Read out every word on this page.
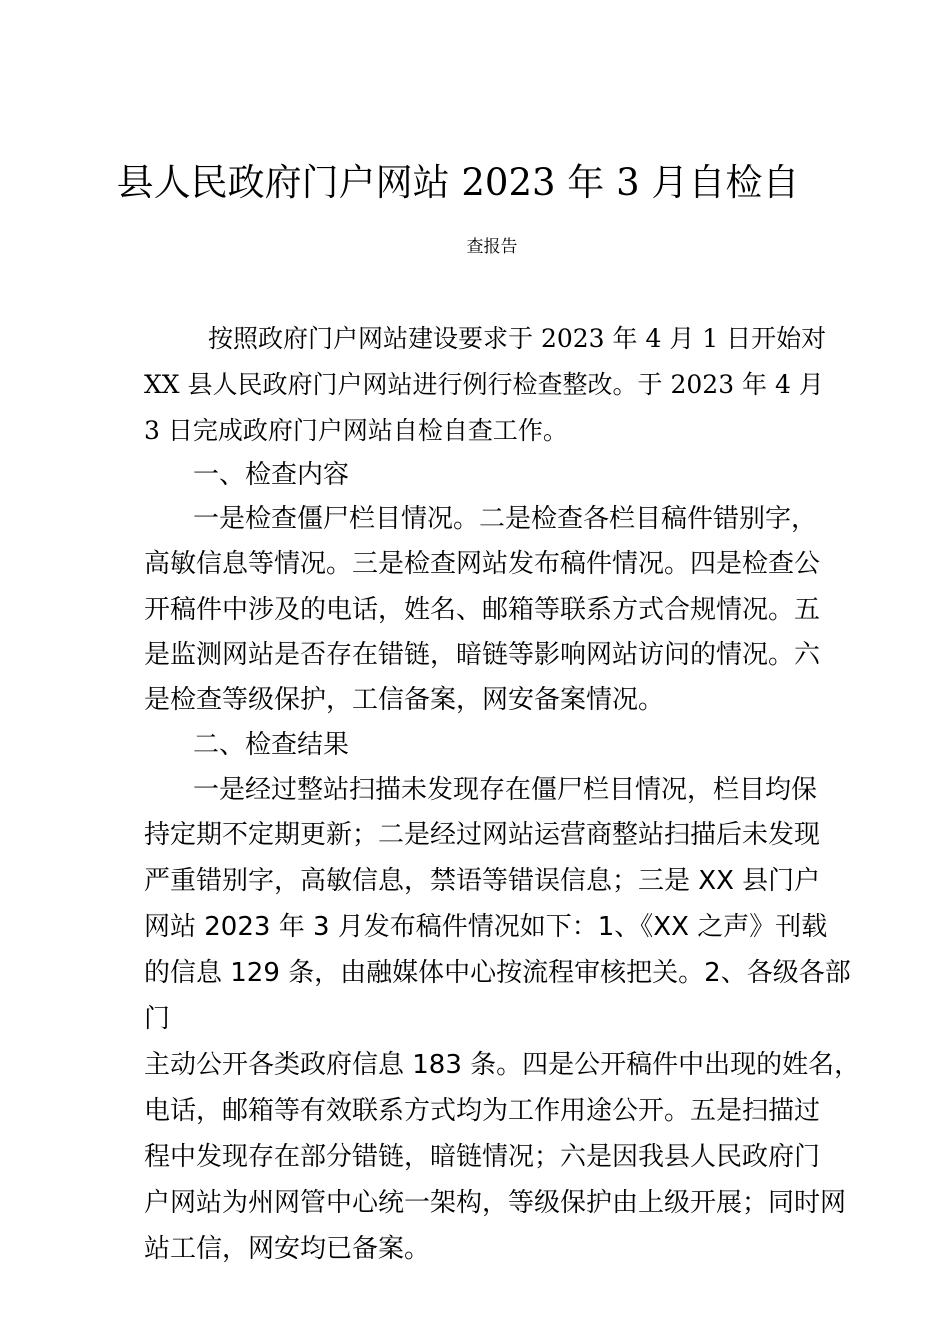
县人民政府门户网站 2023 年 3 月自检自
查报告

按照政府门户网站建设要求于 2023 年 4 月 1 日开始对

XX 县人民政府门户网站进行例行检查整改。于 2023 年 4 月

3 日完成政府门户网站自检自查工作。

一、检查内容

一是检查僵尸栏目情况。二是检查各栏目稿件错别字，

高敏信息等情况。三是检查网站发布稿件情况。四是检查公

开稿件中涉及的电话，姓名、邮箱等联系方式合规情况。五

是监测网站是否存在错链，暗链等影响网站访问的情况。六

是检查等级保护，工信备案，网安备案情况。

二、检查结果

一是经过整站扫描未发现存在僵尸栏目情况，栏目均保

持定期不定期更新；二是经过网站运营商整站扫描后未发现

严重错别字，高敏信息，禁语等错误信息；三是 XX 县门户

网站 2023 年 3 月发布稿件情况如下：1、《XX 之声》刊载

的信息 129 条，由融媒体中心按流程审核把关。2、各级各部

门

主动公开各类政府信息 183 条。四是公开稿件中出现的姓名，

电话，邮箱等有效联系方式均为工作用途公开。五是扫描过

程中发现存在部分错链，暗链情况；六是因我县人民政府门

户网站为州网管中心统一架构，等级保护由上级开展；同时网

站工信，网安均已备案。
